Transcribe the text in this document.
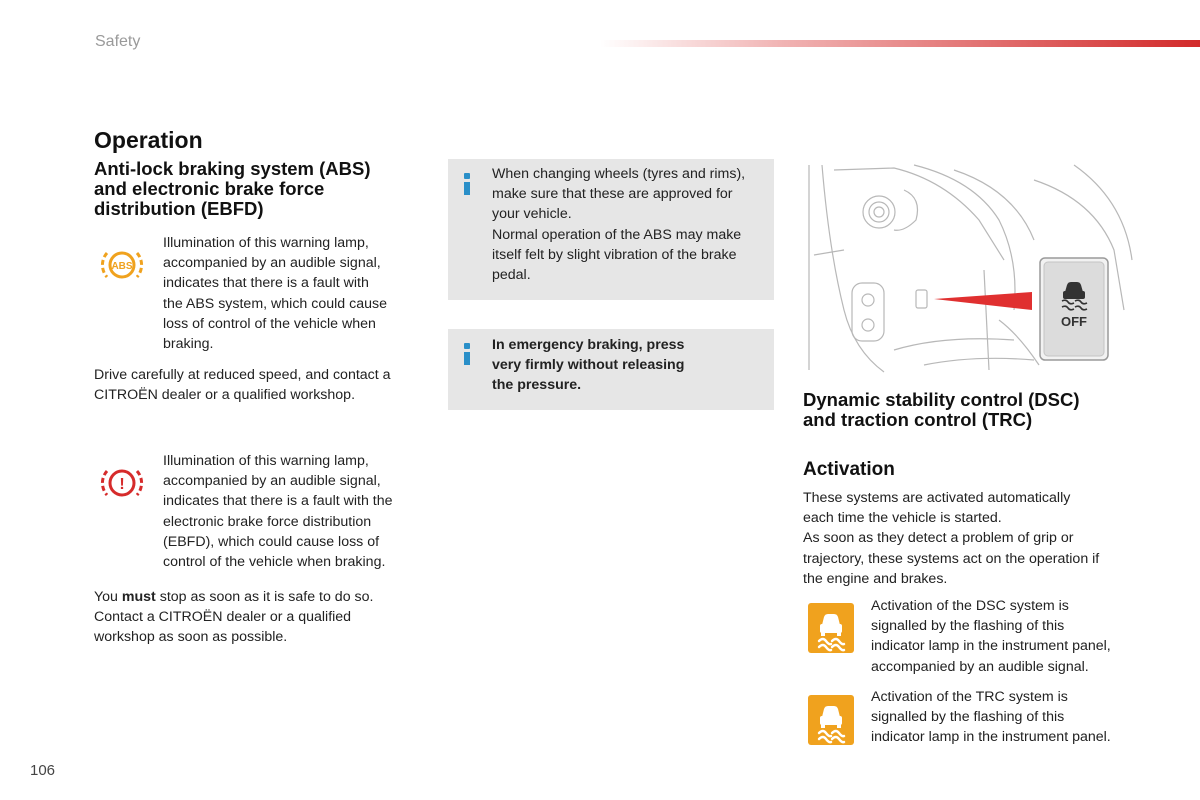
Safety
Operation
Anti-lock braking system (ABS)
and electronic brake force
distribution (EBFD)
ABS

Illumination of this warning lamp,

accompanied by an audible signal,

indicates that there is a fault with

the ABS system, which could cause

loss of control of the vehicle when

braking.

Drive carefully at reduced speed, and contact a

CITROËN dealer or a qualified workshop.

!

Illumination of this warning lamp,

accompanied by an audible signal,

indicates that there is a fault with the

electronic brake force distribution

(EBFD), which could cause loss of

control of the vehicle when braking.

You must stop as soon as it is safe to do so.

Contact a CITROËN dealer or a qualified

workshop as soon as possible.

When changing wheels (tyres and rims),

make sure that these are approved for

your vehicle.

Normal operation of the ABS may make

itself felt by slight vibration of the brake

pedal.

In emergency braking, press

very firmly without releasing

the pressure.

OFF
Dynamic stability control (DSC)
and traction control (TRC)
Activation

These systems are activated automatically

each time the vehicle is started.

As soon as they detect a problem of grip or

trajectory, these systems act on the operation if

the engine and brakes.

Activation of the DSC system is

signalled by the flashing of this

indicator lamp in the instrument panel,

accompanied by an audible signal.

Activation of the TRC system is

signalled by the flashing of this

indicator lamp in the instrument panel.

106
